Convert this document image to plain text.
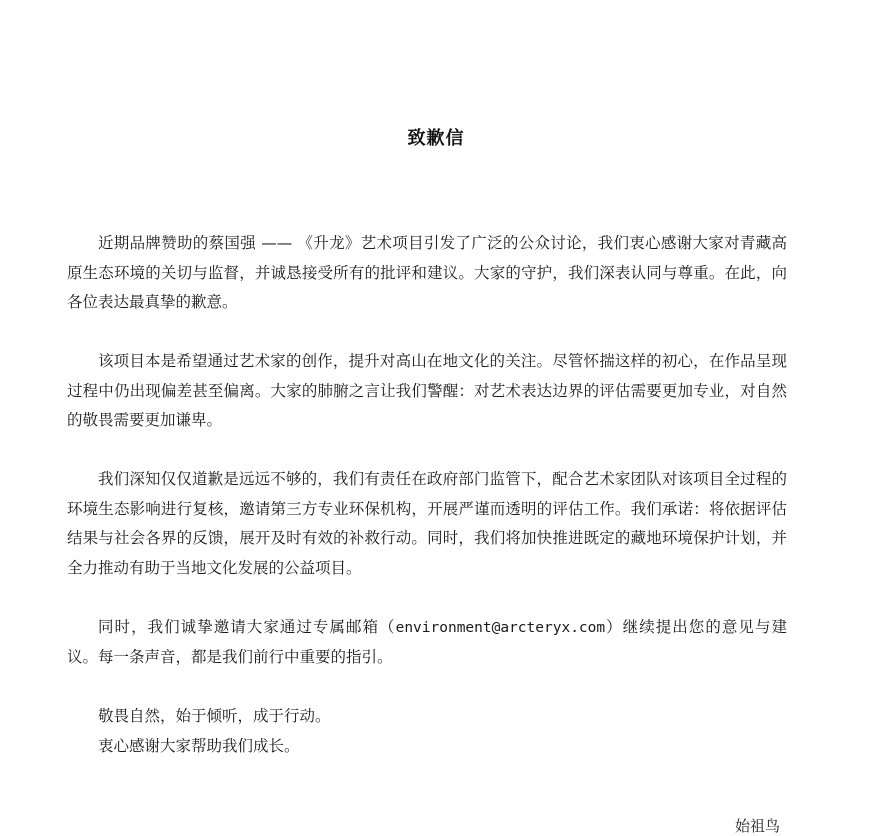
致歉信

近期品牌赞助的蔡国强 —— 《升龙》艺术项目引发了广泛的公众讨论，我们衷心感谢大家对青藏高原生态环境的关切与监督，并诚恳接受所有的批评和建议。大家的守护，我们深表认同与尊重。在此，向各位表达最真挚的歉意。

该项目本是希望通过艺术家的创作，提升对高山在地文化的关注。尽管怀揣这样的初心，在作品呈现过程中仍出现偏差甚至偏离。大家的肺腑之言让我们警醒：对艺术表达边界的评估需要更加专业，对自然的敬畏需要更加谦卑。

我们深知仅仅道歉是远远不够的，我们有责任在政府部门监管下，配合艺术家团队对该项目全过程的环境生态影响进行复核，邀请第三方专业环保机构，开展严谨而透明的评估工作。我们承诺：将依据评估结果与社会各界的反馈，展开及时有效的补救行动。同时，我们将加快推进既定的藏地环境保护计划，并全力推动有助于当地文化发展的公益项目。

同时，我们诚挚邀请大家通过专属邮箱（environment@arcteryx.com）继续提出您的意见与建议。每一条声音，都是我们前行中重要的指引。

敬畏自然，始于倾听，成于行动。

衷心感谢大家帮助我们成长。

始祖鸟
